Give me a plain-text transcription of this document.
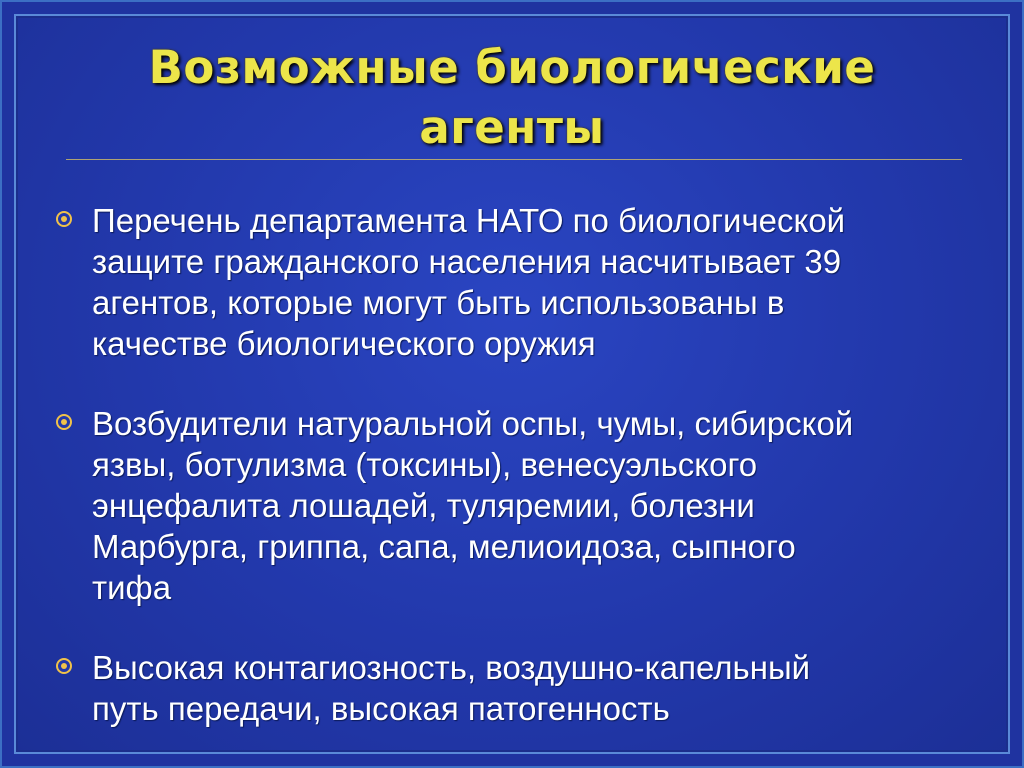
Возможные биологические
агенты
Перечень департамента НАТО по биологической
защите гражданского населения насчитывает 39
агентов, которые могут быть использованы в
качестве биологического оружия
Возбудители натуральной оспы, чумы, сибирской
язвы, ботулизма (токсины), венесуэльского
энцефалита лошадей, туляремии, болезни
Марбурга, гриппа, сапа, мелиоидоза, сыпного
тифа
Высокая контагиозность, воздушно-капельный
путь передачи, высокая патогенность
